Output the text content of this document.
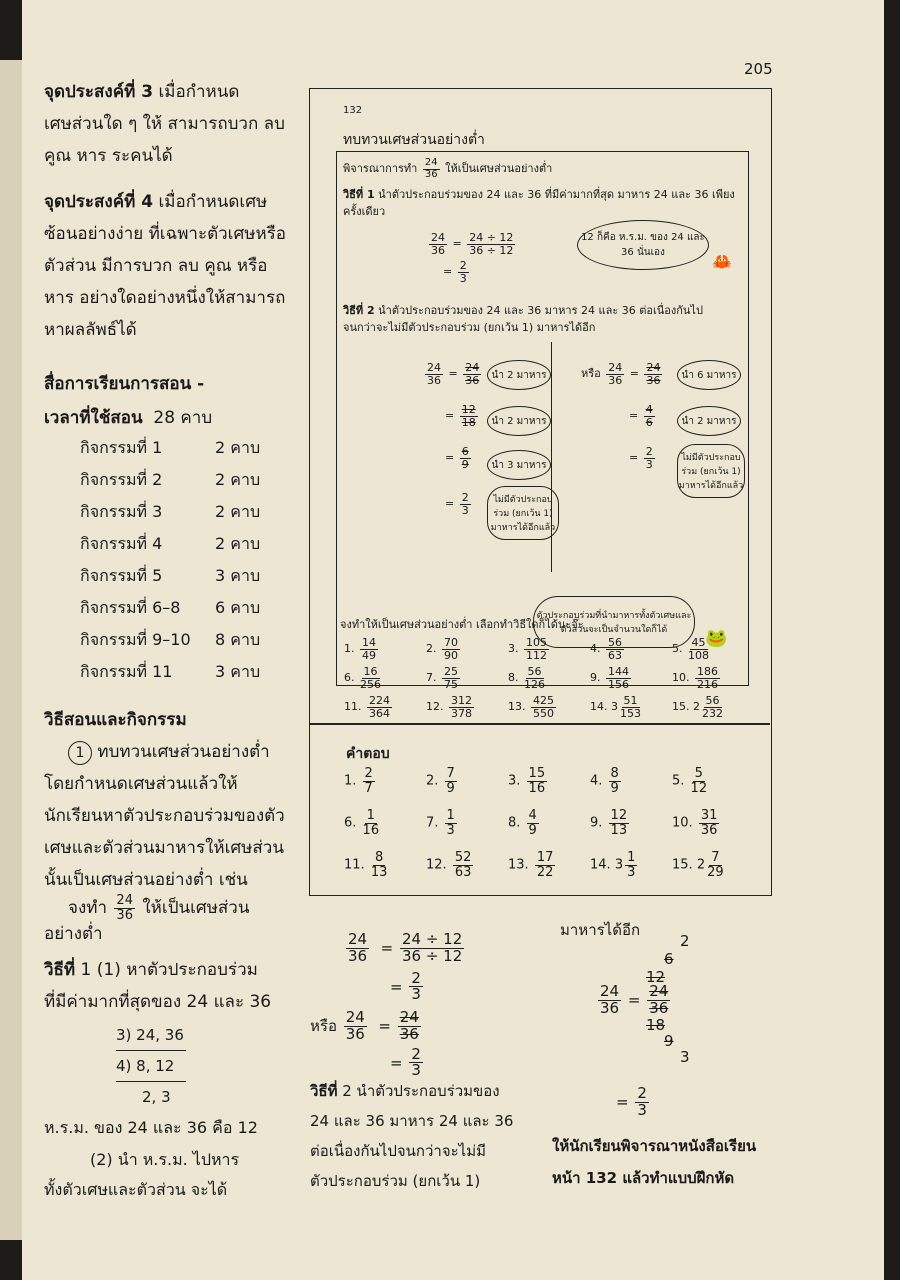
205
จุดประสงค์ที่ 3 เมื่อกำหนดเศษส่วนใด ๆ ให้ สามารถบวก ลบ คูณ หาร ระคนได้
จุดประสงค์ที่ 4 เมื่อกำหนดเศษซ้อนอย่างง่าย ที่เฉพาะตัวเศษหรือตัวส่วน มีการบวก ลบ คูณ หรือหาร อย่างใดอย่างหนึ่งให้สามารถหาผลลัพธ์ได้
สื่อการเรียนการสอน -
เวลาที่ใช้สอน 28 คาบ
กิจกรรมที่ 1	2 คาบ
กิจกรรมที่ 2	2 คาบ
กิจกรรมที่ 3	2 คาบ
กิจกรรมที่ 4	2 คาบ
กิจกรรมที่ 5	3 คาบ
กิจกรรมที่ 6–8 6 คาบ
กิจกรรมที่ 9–10 8 คาบ
กิจกรรมที่ 11	3 คาบ
วิธีสอนและกิจกรรม
1 ทบทวนเศษส่วนอย่างต่ำ โดยกำหนดเศษส่วนแล้วให้นักเรียนหาตัวประกอบร่วมของตัวเศษและตัวส่วนมาหารให้เศษส่วนนั้นเป็นเศษส่วนอย่างต่ำ เช่น
จงทำ $\frac{24}{36}$ ให้เป็นเศษส่วน
อย่างต่ำ
วิธีที่ 1 (1) หาตัวประกอบร่วม
ที่มีค่ามากที่สุดของ 24 และ 36
3) 24, 36
4) 8, 12
2, 3
ห.ร.ม. ของ 24 และ 36 คือ 12
(2) นำ ห.ร.ม. ไปหาร
ทั้งตัวเศษและตัวส่วน จะได้
132
ทบทวนเศษส่วนอย่างต่ำ
พิจารณาการทำ $\frac{24}{36}$ ให้เป็นเศษส่วนอย่างต่ำ
วิธีที่ 1 นำตัวประกอบร่วมของ 24 และ 36 ที่มีค่ามากที่สุด มาหาร 24 และ 36 เพียงครั้งเดียว
$\frac{24}{36} = \frac{24 \div 12}{36 \div 12}$
= $\frac{2}{3}$
12 ก็คือ ห.ร.ม. ของ 24 และ 36 นั่นเอง	🦀
วิธีที่ 2 นำตัวประกอบร่วมของ 24 และ 36 มาหาร 24 และ 36 ต่อเนื่องกันไป จนกว่าจะไม่มีตัวประกอบร่วม (ยกเว้น 1) มาหารได้อีก
$\frac{24}{36} = \frac{24}{36}$
= $\frac{12}{18}$
= $\frac{6}{9}$
= $\frac{2}{3}$
นำ 2 มาหาร
นำ 2 มาหาร
นำ 3 มาหาร
ไม่มีตัวประกอบร่วม (ยกเว้น 1) มาหารได้อีกแล้ว
หรือ $\frac{24}{36} = \frac{24}{36}$
= $\frac{4}{6}$
= $\frac{2}{3}$
นำ 6 มาหาร
นำ 2 มาหาร
ไม่มีตัวประกอบร่วม (ยกเว้น 1) มาหารได้อีกแล้ว
ตัวประกอบร่วมที่นำมาหารทั้งตัวเศษและตัวส่วนจะเป็นจำนวนใดก็ได้	🐸
จงทำให้เป็นเศษส่วนอย่างต่ำ เลือกทำวิธีใดก็ได้นะจ๊ะ
1. $\frac{14}{49}$	2. $\frac{70}{90}$	3. $\frac{105}{112}$	4. $\frac{56}{63}$	5. $\frac{45}{108}$
6. $\frac{16}{256}$	7. $\frac{25}{75}$	8. $\frac{56}{126}$	9. $\frac{144}{156}$	10. $\frac{186}{216}$
11. $\frac{224}{364}$	12. $\frac{312}{378}$	13. $\frac{425}{550}$	14. $3 \frac{51}{153}$	15. $2 \frac{56}{232}$
คำตอบ
1. $\frac{2}{7}$	2. $\frac{7}{9}$	3. $\frac{15}{16}$	4. $\frac{8}{9}$	5. $\frac{5}{12}$
6. $\frac{1}{16}$	7. $\frac{1}{3}$	8. $\frac{4}{9}$	9. $\frac{12}{13}$	10. $\frac{31}{36}$
11. $\frac{8}{13}$	12. $\frac{52}{63}$	13. $\frac{17}{22}$	14. $3 \frac{1}{3}$	15. $2 \frac{7}{29}$
$\frac{24}{36} = \frac{24 \div 12}{36 \div 12}$
= $\frac{2}{3}$
หรือ $\frac{24}{36} = \frac{24}{36}$
= $\frac{2}{3}$
วิธีที่ 2 นำตัวประกอบร่วมของ
24 และ 36 มาหาร 24 และ 36
ต่อเนื่องกันไปจนกว่าจะไม่มี
ตัวประกอบร่วม (ยกเว้น 1)
มาหารได้อีก
2
6
12
$\frac{24}{36} = \frac{24}{36}$
18
9
3
= $\frac{2}{3}$
ให้นักเรียนพิจารณาหนังสือเรียน
หน้า 132 แล้วทำแบบฝึกหัด
